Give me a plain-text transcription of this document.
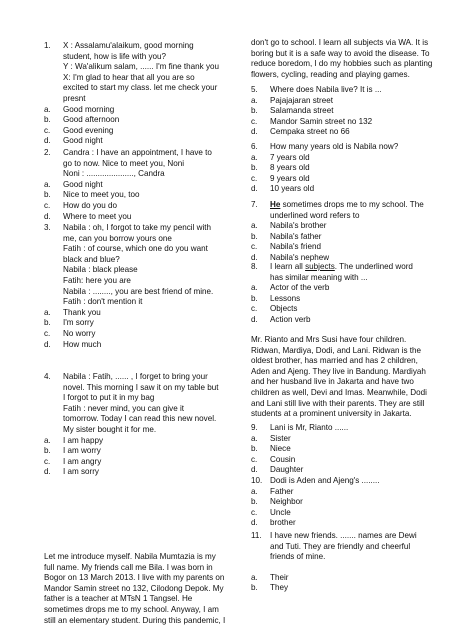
1. X : Assalamu'alaikum, good morning
student, how is life with you?
Y : Wa'alikum salam, ...... I'm fine thank you
X: I'm glad to hear that all you are so
excited to start my class. let me check your
presnt
a. Good morning
b. Good afternoon
c. Good evening
d. Good night
2. Candra : I have an appointment, I have to
go to now. Nice to meet you, Noni
Noni : ....................., Candra
a. Good night
b. Nice to meet you, too
c. How do you do
d. Where to meet you
3. Nabila : oh, I forgot to take my pencil with
me, can you borrow yours one
Fatih : of course, which one do you want
black and blue?
Nabila : black please
Fatih: here you are
Nabila : ........, you are best friend of mine.
Fatih : don't mention it
a. Thank you
b. I'm sorry
c. No worry
d. How much
4. Nabila : Fatih, ...... , I forget to bring your
novel. This morning I saw it on my table but
I forgot to put it in my bag
Fatih : never mind, you can give it
tomorrow. Today I can read this new novel.
My sister bought it for me.
a. I am happy
b. I am worry
c. I am angry
d. I am sorry
Let me introduce myself. Nabila Mumtazia is my
full name. My friends call me Bila. I was born in
Bogor on 13 March 2013. I live with my parents on
Mandor Samin street no 132, Cilodong Depok. My
father is a teacher at MTsN 1 Tangsel. He
sometimes drops me to my school. Anyway, I am
still an elementary student. During this pandemic, I
don't go to school. I learn all subjects via WA. It is
boring but it is a safe way to avoid the disease. To
reduce boredom, I do my hobbies such as planting
flowers, cycling, reading and playing games.
5. Where does Nabila live? It is ...
a. Pajajajaran street
b. Salamanda street
c. Mandor Samin street no 132
d. Cempaka street no 66
6. How many years old is Nabila now?
a. 7 years old
b. 8 years old
c. 9 years old
d. 10 years old
7. He sometimes drops me to my school. The
underlined word refers to
a. Nabila's brother
b. Nabila's father
c. Nabila's friend
d. Nabila's nephew
8. I learn all subjects. The underlined word
has similar meaning with ...
a. Actor of the verb
b. Lessons
c. Objects
d. Action verb
Mr. Rianto and Mrs Susi have four children.
Ridwan, Mardiya, Dodi, and Lani. Ridwan is the
oldest brother, has married and has 2 children,
Aden and Ajeng. They live in Bandung. Mardiyah
and her husband live in Jakarta and have two
children as well, Devi and Imas. Meanwhile, Dodi
and Lani still live with their parents. They are still
students at a prominent university in Jakarta.
9. Lani is Mr, Rianto ......
a. Sister
b. Niece
c. Cousin
d. Daughter
10. Dodi is Aden and Ajeng's ........
a. Father
b. Neighbor
c. Uncle
d. brother
11. I have new friends. ....... names are Dewi
and Tuti. They are friendly and cheerful
friends of mine.
a. Their
b. They
